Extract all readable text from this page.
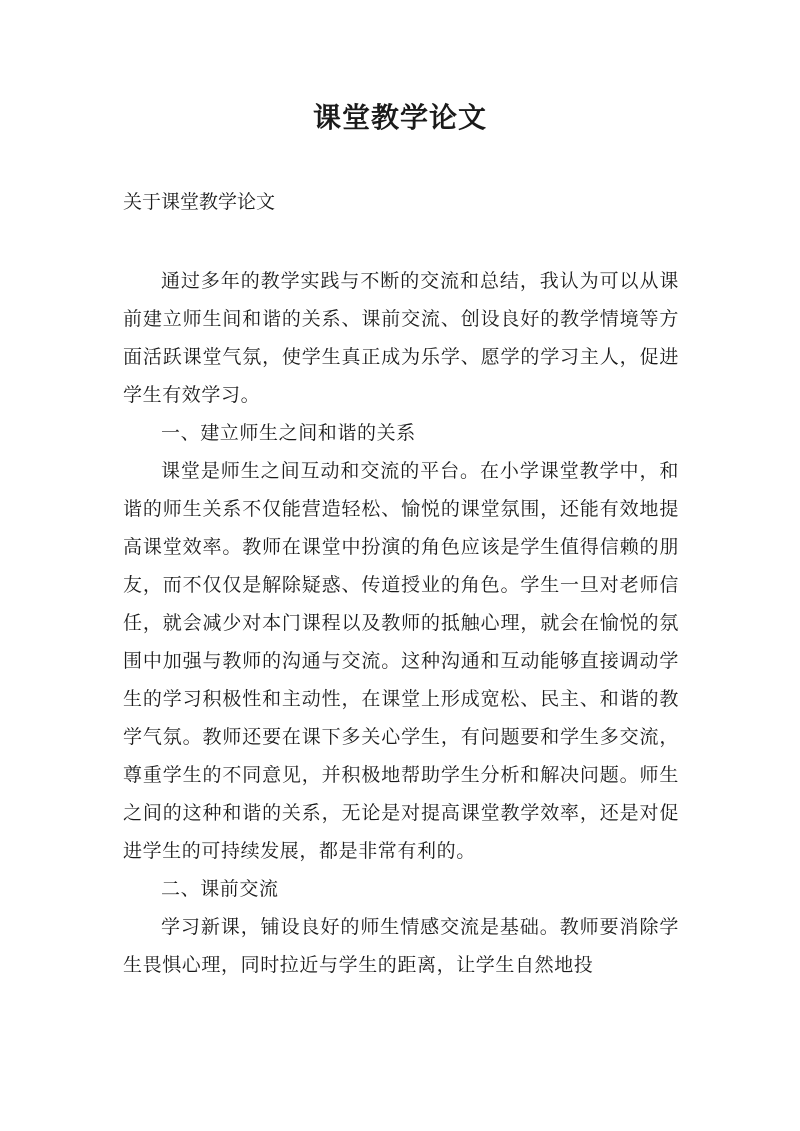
课堂教学论文

关于课堂教学论文

通过多年的教学实践与不断的交流和总结，我认为可以从课前建立师生间和谐的关系、课前交流、创设良好的教学情境等方面活跃课堂气氛，使学生真正成为乐学、愿学的学习主人，促进学生有效学习。

一、建立师生之间和谐的关系

课堂是师生之间互动和交流的平台。在小学课堂教学中，和谐的师生关系不仅能营造轻松、愉悦的课堂氛围，还能有效地提高课堂效率。教师在课堂中扮演的角色应该是学生值得信赖的朋友，而不仅仅是解除疑惑、传道授业的角色。学生一旦对老师信任，就会减少对本门课程以及教师的抵触心理，就会在愉悦的氛围中加强与教师的沟通与交流。这种沟通和互动能够直接调动学生的学习积极性和主动性，在课堂上形成宽松、民主、和谐的教学气氛。教师还要在课下多关心学生，有问题要和学生多交流，尊重学生的不同意见，并积极地帮助学生分析和解决问题。师生之间的这种和谐的关系，无论是对提高课堂教学效率，还是对促进学生的可持续发展，都是非常有利的。

二、课前交流

学习新课，铺设良好的师生情感交流是基础。教师要消除学生畏惧心理，同时拉近与学生的距离，让学生自然地投
